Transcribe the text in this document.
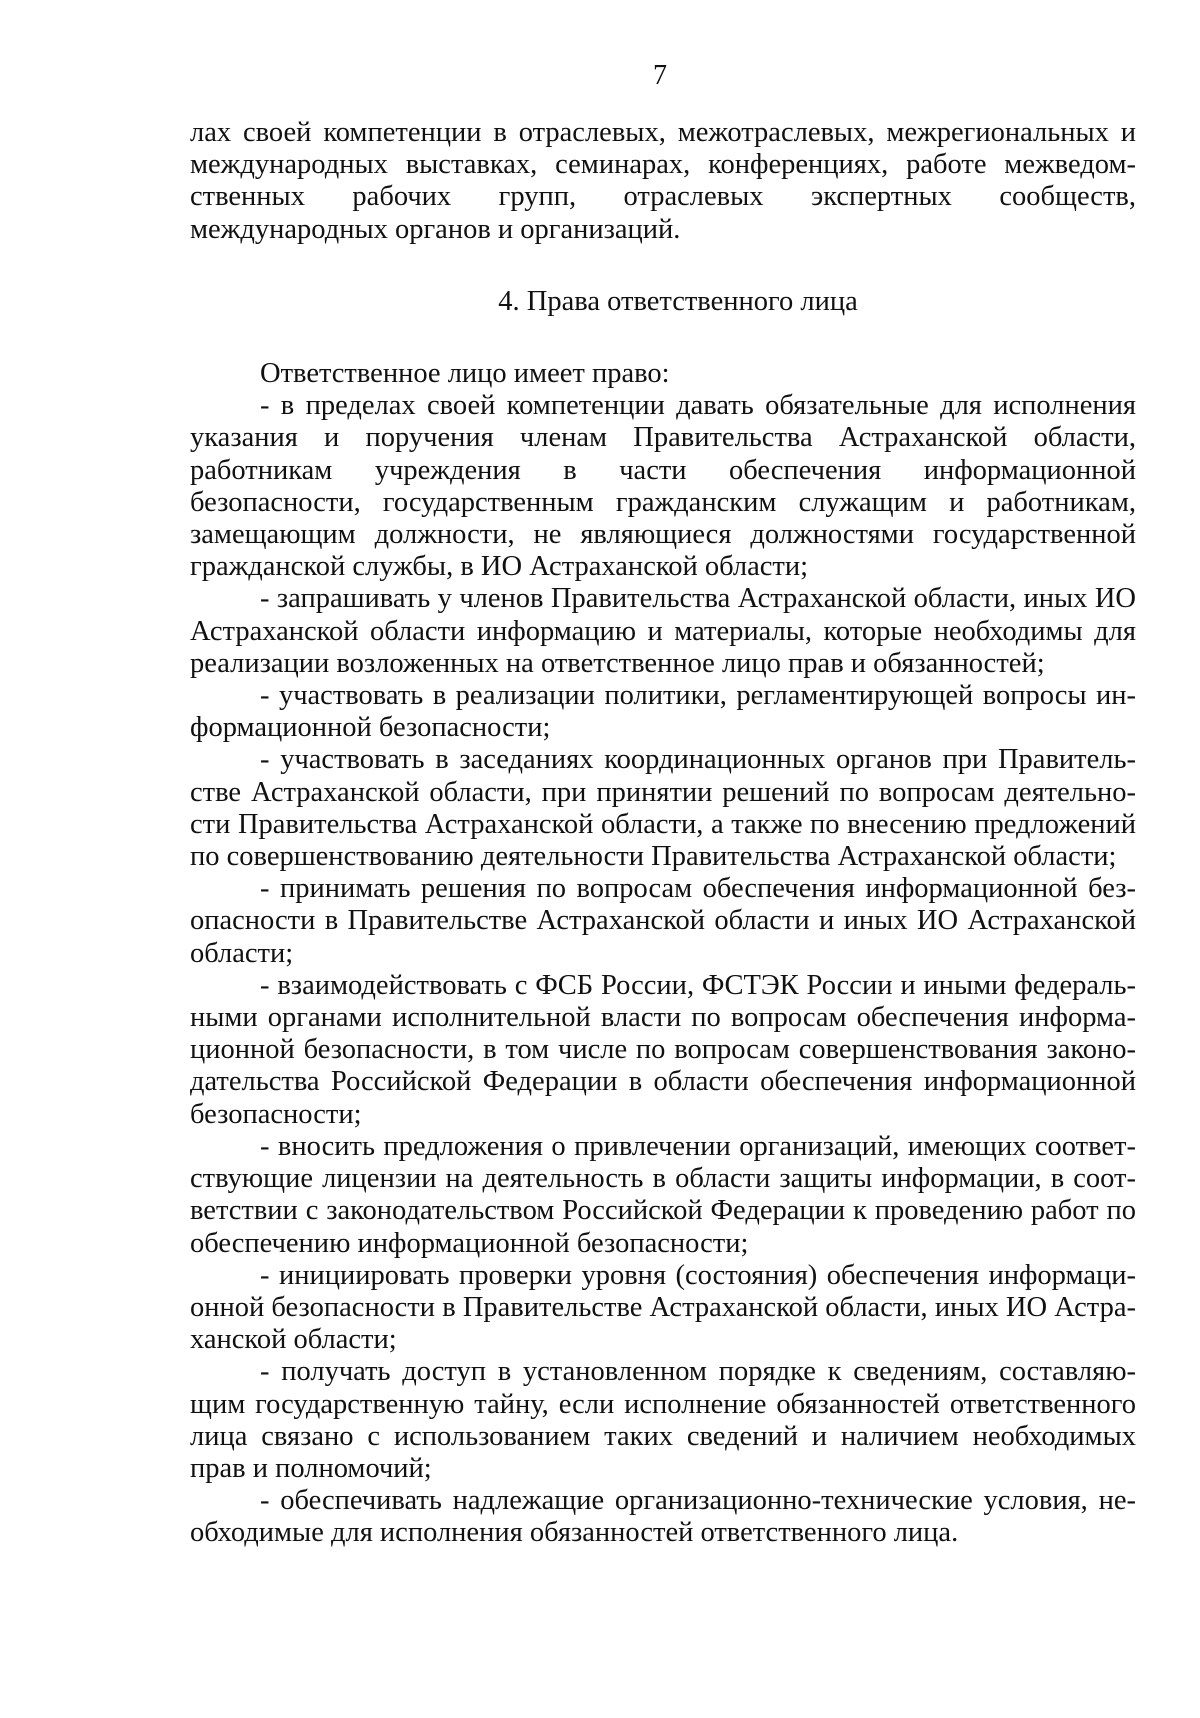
7

лах своей компетенции в отраслевых, межотраслевых, межрегиональных и международных выставках, семинарах, конференциях, работе межведомственных рабочих групп, отраслевых экспертных сообществ, международных органов и организаций.

4. Права ответственного лица

Ответственное лицо имеет право:

- в пределах своей компетенции давать обязательные для исполнения указания и поручения членам Правительства Астраханской области, работникам учреждения в части обеспечения информационной безопасности, государственным гражданским служащим и работникам, замещающим должности, не являющиеся должностями государственной гражданской службы, в ИО Астраханской области;

- запрашивать у членов Правительства Астраханской области, иных ИО Астраханской области информацию и материалы, которые необходимы для реализации возложенных на ответственное лицо прав и обязанностей;

- участвовать в реализации политики, регламентирующей вопросы информационной безопасности;

- участвовать в заседаниях координационных органов при Правительстве Астраханской области, при принятии решений по вопросам деятельности Правительства Астраханской области, а также по внесению предложений по совершенствованию деятельности Правительства Астраханской области;

- принимать решения по вопросам обеспечения информационной безопасности в Правительстве Астраханской области и иных ИО Астраханской области;

- взаимодействовать с ФСБ России, ФСТЭК России и иными федеральными органами исполнительной власти по вопросам обеспечения информационной безопасности, в том числе по вопросам совершенствования законодательства Российской Федерации в области обеспечения информационной безопасности;

- вносить предложения о привлечении организаций, имеющих соответствующие лицензии на деятельность в области защиты информации, в соответствии с законодательством Российской Федерации к проведению работ по обеспечению информационной безопасности;

- инициировать проверки уровня (состояния) обеспечения информационной безопасности в Правительстве Астраханской области, иных ИО Астраханской области;

- получать доступ в установленном порядке к сведениям, составляющим государственную тайну, если исполнение обязанностей ответственного лица связано с использованием таких сведений и наличием необходимых прав и полномочий;

- обеспечивать надлежащие организационно-технические условия, необходимые для исполнения обязанностей ответственного лица.
